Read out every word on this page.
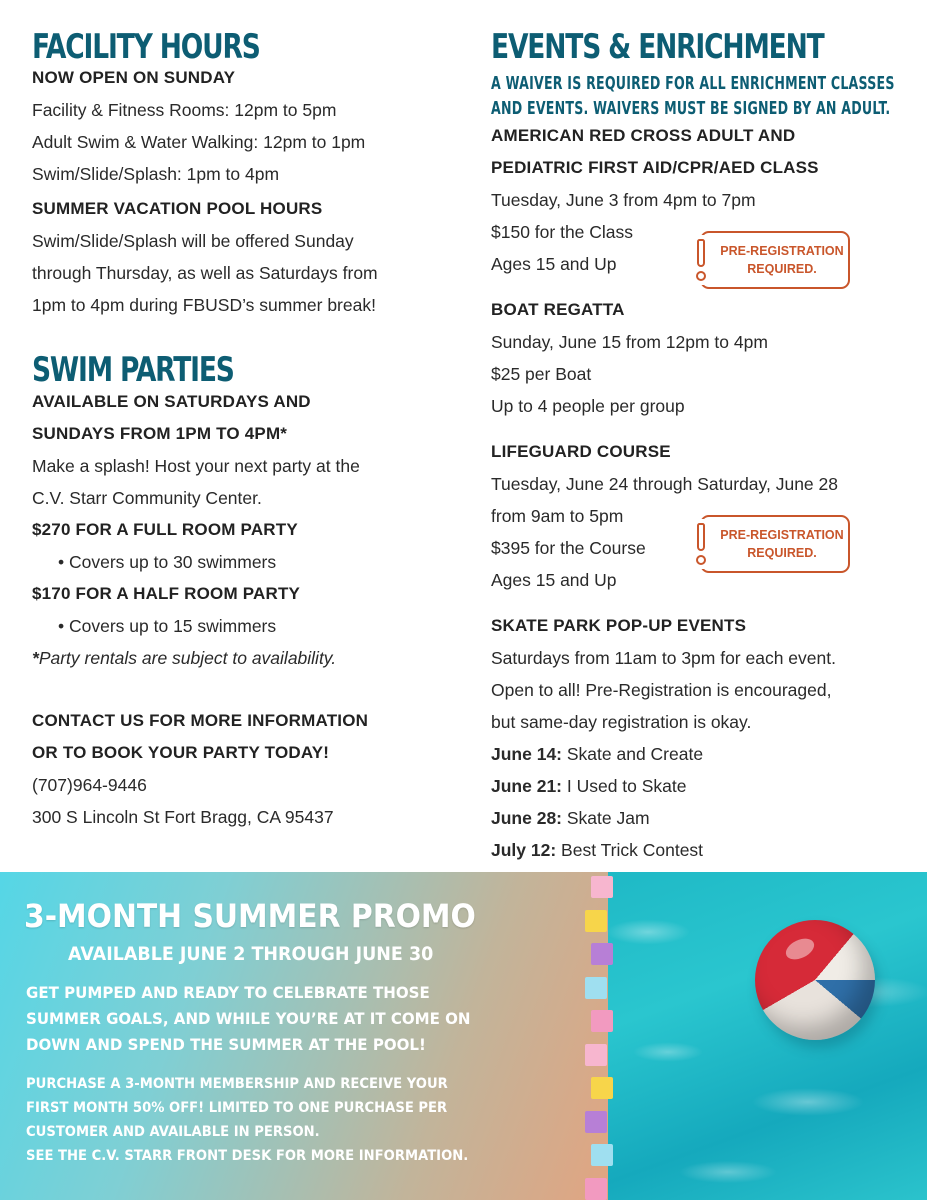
FACILITY HOURS
NOW OPEN ON SUNDAY
Facility & Fitness Rooms: 12pm to 5pm
Adult Swim & Water Walking: 12pm to 1pm
Swim/Slide/Splash: 1pm to 4pm
SUMMER VACATION POOL HOURS
Swim/Slide/Splash will be offered Sunday
through Thursday, as well as Saturdays from
1pm to 4pm during FBUSD’s summer break!
SWIM PARTIES
AVAILABLE ON SATURDAYS AND
SUNDAYS FROM 1PM TO 4PM*
Make a splash! Host your next party at the
C.V. Starr Community Center.
$270 FOR A FULL ROOM PARTY
• Covers up to 30 swimmers
$170 FOR A HALF ROOM PARTY
• Covers up to 15 swimmers
*Party rentals are subject to availability.
CONTACT US FOR MORE INFORMATION
OR TO BOOK YOUR PARTY TODAY!
(707)964-9446
300 S Lincoln St Fort Bragg, CA 95437
EVENTS & ENRICHMENT
A WAIVER IS REQUIRED FOR ALL ENRICHMENT CLASSES
AND EVENTS. WAIVERS MUST BE SIGNED BY AN ADULT.
AMERICAN RED CROSS ADULT AND
PEDIATRIC FIRST AID/CPR/AED CLASS
Tuesday, June 3 from 4pm to 7pm
$150 for the Class
Ages 15 and Up
PRE-REGISTRATION
REQUIRED.
BOAT REGATTA
Sunday, June 15 from 12pm to 4pm
$25 per Boat
Up to 4 people per group
LIFEGUARD COURSE
Tuesday, June 24 through Saturday, June 28
from 9am to 5pm
$395 for the Course
Ages 15 and Up
PRE-REGISTRATION
REQUIRED.
SKATE PARK POP-UP EVENTS
Saturdays from 11am to 3pm for each event.
Open to all! Pre-Registration is encouraged,
but same-day registration is okay.
June 14: Skate and Create
June 21: I Used to Skate
June 28: Skate Jam
July 12: Best Trick Contest
3-MONTH SUMMER PROMO
AVAILABLE JUNE 2 THROUGH JUNE 30
GET PUMPED AND READY TO CELEBRATE THOSE
SUMMER GOALS, AND WHILE YOU’RE AT IT COME ON
DOWN AND SPEND THE SUMMER AT THE POOL!
PURCHASE A 3-MONTH MEMBERSHIP AND RECEIVE YOUR
FIRST MONTH 50% OFF! LIMITED TO ONE PURCHASE PER
CUSTOMER AND AVAILABLE IN PERSON.
SEE THE C.V. STARR FRONT DESK FOR MORE INFORMATION.
